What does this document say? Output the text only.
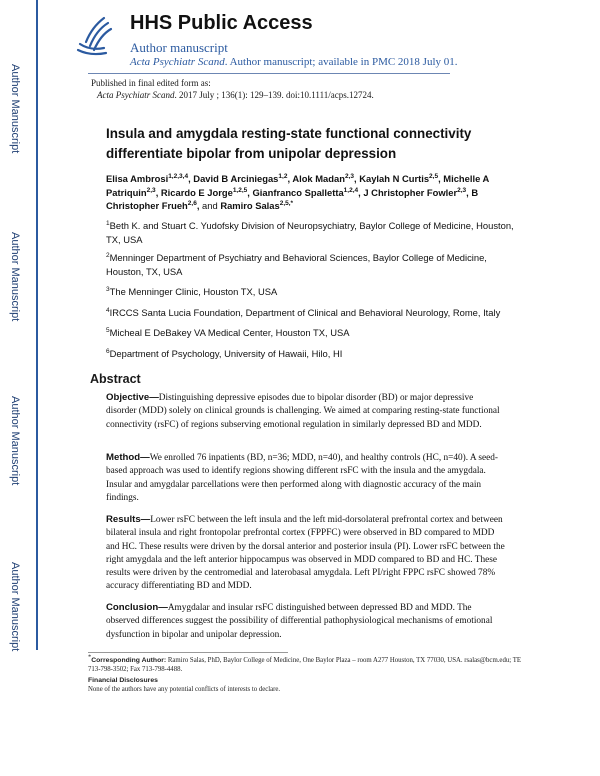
Author Manuscript
Author Manuscript
Author Manuscript
Author Manuscript
HHS Public Access
Author manuscript
Acta Psychiatr Scand. Author manuscript; available in PMC 2018 July 01.
Published in final edited form as:
Acta Psychiatr Scand. 2017 July ; 136(1): 129–139. doi:10.1111/acps.12724.
Insula and amygdala resting-state functional connectivity differentiate bipolar from unipolar depression
Elisa Ambrosi$^{1,2,3,4}$, David B Arciniegas$^{1,2}$, Alok Madan$^{2,3}$, Kaylah N Curtis$^{2,5}$, Michelle A Patriquin$^{2,3}$, Ricardo E Jorge$^{1,2,5}$, Gianfranco Spalletta$^{1,2,4}$, J Christopher Fowler$^{2,3}$, B Christopher Frueh$^{2,6}$, and Ramiro Salas$^{2,5,*}$
$^1$Beth K. and Stuart C. Yudofsky Division of Neuropsychiatry, Baylor College of Medicine, Houston, TX, USA
$^2$Menninger Department of Psychiatry and Behavioral Sciences, Baylor College of Medicine, Houston, TX, USA
$^3$The Menninger Clinic, Houston TX, USA
$^4$IRCCS Santa Lucia Foundation, Department of Clinical and Behavioral Neurology, Rome, Italy
$^5$Micheal E DeBakey VA Medical Center, Houston TX, USA
$^6$Department of Psychology, University of Hawaii, Hilo, HI
Abstract
Objective—Distinguishing depressive episodes due to bipolar disorder (BD) or major depressive disorder (MDD) solely on clinical grounds is challenging. We aimed at comparing resting-state functional connectivity (rsFC) of regions subserving emotional regulation in similarly depressed BD and MDD.
Method—We enrolled 76 inpatients (BD, n=36; MDD, n=40), and healthy controls (HC, n=40). A seed-based approach was used to identify regions showing different rsFC with the insula and the amygdala. Insular and amygdalar parcellations were then performed along with diagnostic accuracy of the main findings.
Results—Lower rsFC between the left insula and the left mid-dorsolateral prefrontal cortex and between bilateral insula and right frontopolar prefrontal cortex (FPPFC) were observed in BD compared to MDD and HC. These results were driven by the dorsal anterior and posterior insula (PI). Lower rsFC between the right amygdala and the left anterior hippocampus was observed in MDD compared to BD and HC. These results were driven by the centromedial and laterobasal amygdala. Left PI/right FPPC rsFC showed 78% accuracy differentiating BD and MDD.
Conclusion—Amygdalar and insular rsFC distinguished between depressed BD and MDD. The observed differences suggest the possibility of differential pathophysiological mechanisms of emotional dysfunction in bipolar and unipolar depression.
*Corresponding Author: Ramiro Salas, PhD, Baylor College of Medicine, One Baylor Plaza – room A277 Houston, TX 77030, USA. rsalas@bcm.edu; TE 713-798-3502; Fax 713-798-4488.
Financial Disclosures
None of the authors have any potential conflicts of interests to declare.
